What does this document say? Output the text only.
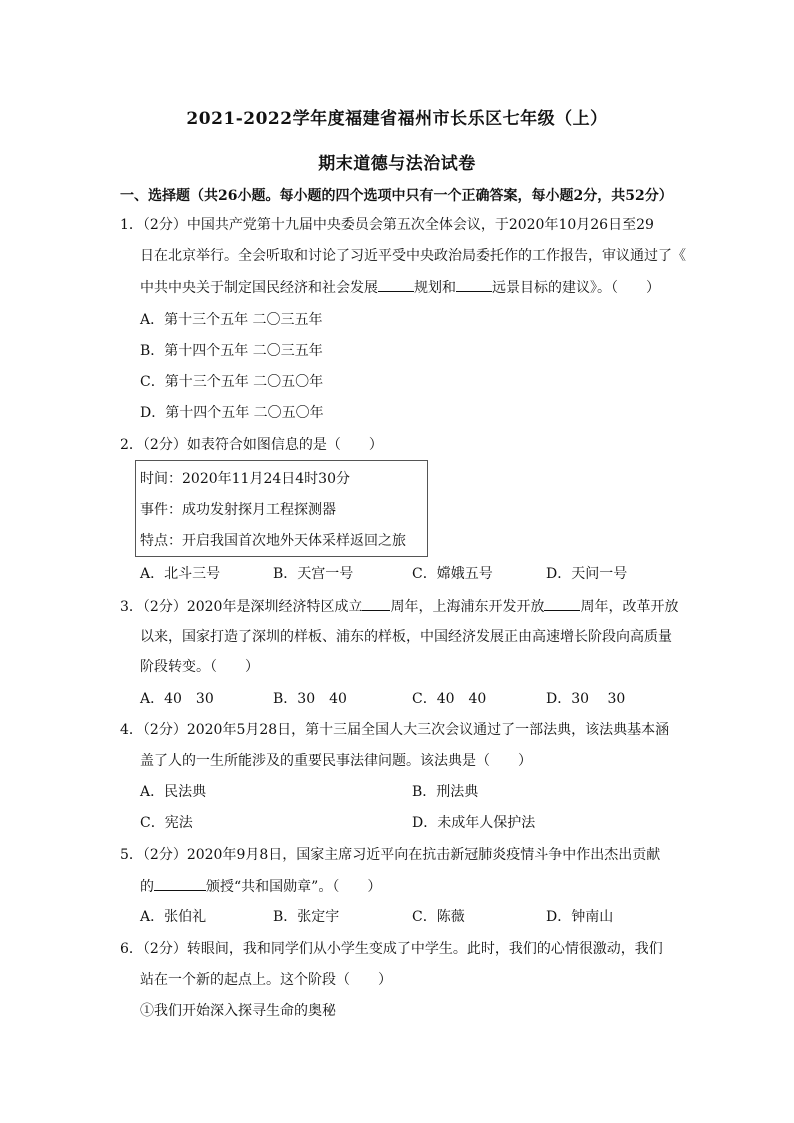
2021-2022学年度福建省福州市长乐区七年级（上）
期末道德与法治试卷
一、选择题（共26小题。每小题的四个选项中只有一个正确答案，每小题2分，共52分）
1．（2分）中国共产党第十九届中央委员会第五次全体会议，于2020年10月26日至29
日在北京举行。全会听取和讨论了习近平受中央政治局委托作的工作报告，审议通过了《
中共中央关于制定国民经济和社会发展	规划和	远景目标的建议》。（　　）
A．第十三个五年 二〇三五年
B．第十四个五年 二〇三五年
C．第十三个五年 二〇五〇年
D．第十四个五年 二〇五〇年
2．（2分）如表符合如图信息的是（　　）
时间：2020年11月24日4时30分
事件：成功发射探月工程探测器
特点：开启我国首次地外天体采样返回之旅
A．北斗三号	B．天宫一号	C．嫦娥五号	D．天问一号
3．（2分）2020年是深圳经济特区成立 周年，上海浦东开发开放	周年，改革开放
以来，国家打造了深圳的样板、浦东的样板，中国经济发展正由高速增长阶段向高质量
阶段转变。（　　）
A．40　30	B．30　40	C．40　40	D．30　 30
4．（2分）2020年5月28日，第十三届全国人大三次会议通过了一部法典，该法典基本涵
盖了人的一生所能涉及的重要民事法律问题。该法典是（　　）
A．民法典	B．刑法典
C．宪法	D．未成年人保护法
5．（2分）2020年9月8日，国家主席习近平向在抗击新冠肺炎疫情斗争中作出杰出贡献
的	颁授“共和国勋章”。（　　）
A．张伯礼	B．张定宇	C．陈薇	D．钟南山
6．（2分）转眼间，我和同学们从小学生变成了中学生。此时，我们的心情很激动，我们
站在一个新的起点上。这个阶段（　　）
①我们开始深入探寻生命的奥秘
